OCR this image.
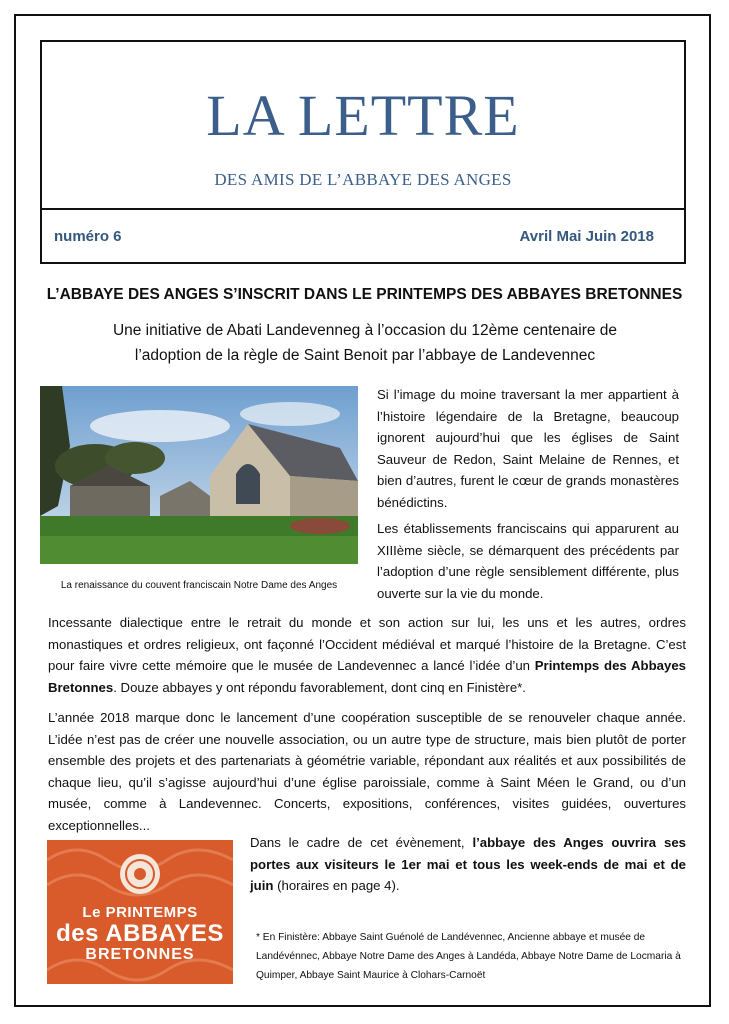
LA LETTRE
DES AMIS DE L’ABBAYE DES ANGES
numéro 6	Avril Mai Juin 2018
L’ABBAYE DES ANGES S’INSCRIT DANS LE PRINTEMPS DES ABBAYES BRETONNES
Une initiative de Abati Landevenneg à l’occasion du 12ème centenaire de l’adoption de la règle de Saint Benoit par l’abbaye de Landevennec
La renaissance du couvent franciscain Notre Dame des Anges
Si l’image du moine traversant la mer appartient à l’histoire légendaire de la Bretagne, beaucoup ignorent aujourd’hui que les églises de Saint Sauveur de Redon, Saint Melaine de Rennes, et bien d’autres, furent le cœur de grands monastères bénédictins.
Les établissements franciscains qui apparurent au XIIIème siècle, se démarquent des précédents par l’adoption d’une règle sensiblement différente, plus ouverte sur la vie du monde.
Incessante dialectique entre le retrait du monde et son action sur lui, les uns et les autres, ordres monastiques et ordres religieux, ont façonné l’Occident médiéval et marqué l’histoire de la Bretagne. C’est pour faire vivre cette mémoire que le musée de Landevennec a lancé l’idée d’un Printemps des Abbayes Bretonnes. Douze abbayes y ont répondu favorablement, dont cinq en Finistère*.
L’année 2018 marque donc le lancement d’une coopération susceptible de se renouveler chaque année. L’idée n’est pas de créer une nouvelle association, ou un autre type de structure, mais bien plutôt de porter ensemble des projets et des partenariats à géométrie variable, répondant aux réalités et aux possibilités de chaque lieu, qu’il s’agisse aujourd’hui d’une église paroissiale, comme à Saint Méen le Grand, ou d’un musée, comme à Landevennec. Concerts, expositions, conférences, visites guidées, ouvertures exceptionnelles...
Le PRINTEMPS
des ABBAYES
BRETONNES
Dans le cadre de cet évènement, l’abbaye des Anges ouvrira ses portes aux visiteurs le 1er mai et tous les week-ends de mai et de juin (horaires en page 4).
* En Finistère: Abbaye Saint Guénolé de Landévennec, Ancienne abbaye et musée de Landévénnec, Abbaye Notre Dame des Anges à Landéda, Abbaye Notre Dame de Locmaria à Quimper, Abbaye Saint Maurice à Clohars-Carnoët
